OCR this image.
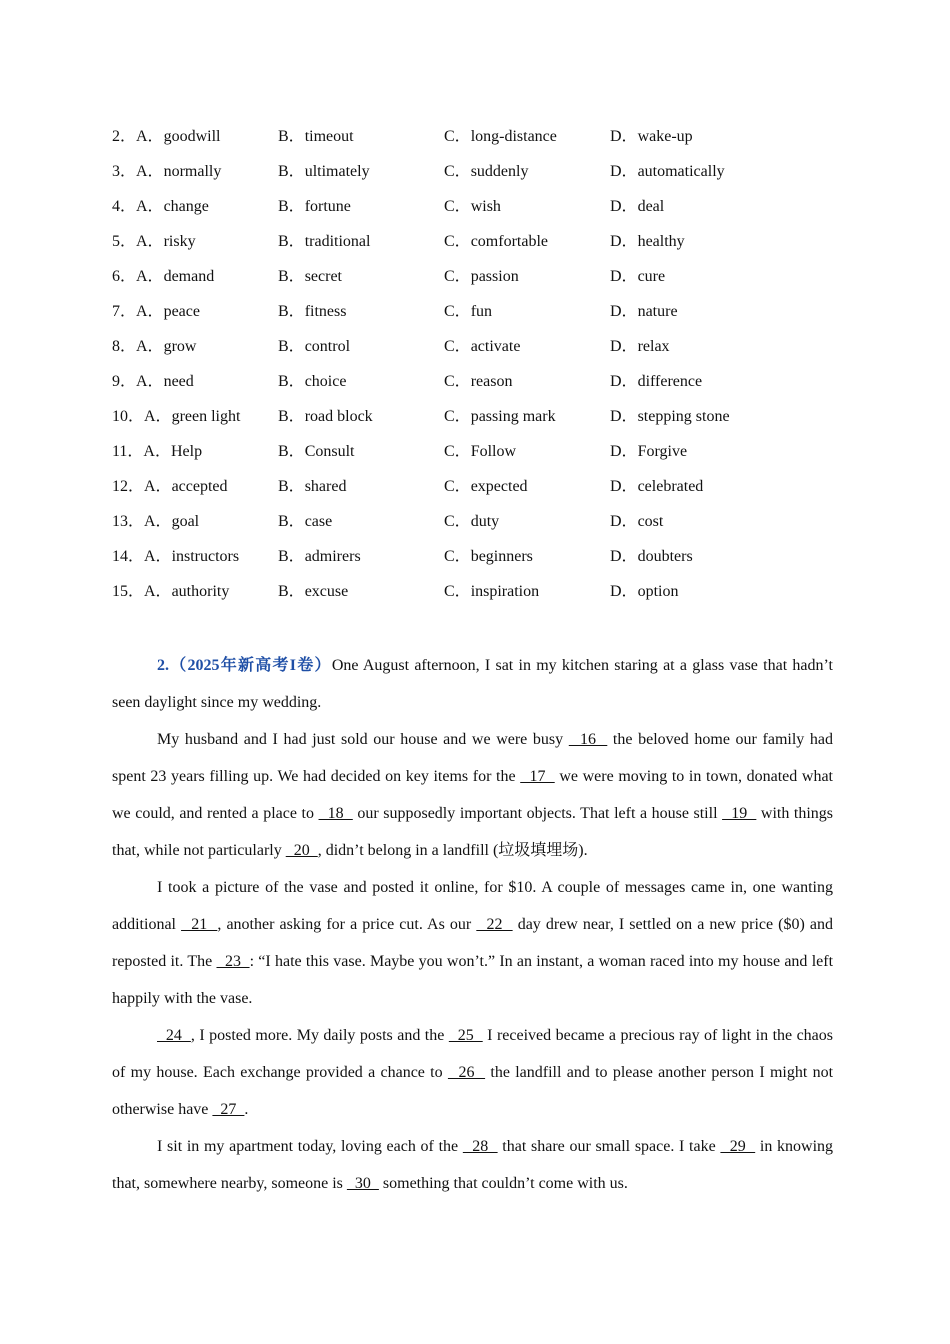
2．A．goodwill	B．timeout	C．long-distance	D．wake-up
3．A．normally	B．ultimately	C．suddenly	D．automatically
4．A．change	B．fortune	C．wish	D．deal
5．A．risky	B．traditional	C．comfortable	D．healthy
6．A．demand	B．secret	C．passion	D．cure
7．A．peace	B．fitness	C．fun	D．nature
8．A．grow	B．control	C．activate	D．relax
9．A．need	B．choice	C．reason	D．difference
10．A．green light B．road block	C．passing mark	D．stepping stone
11．A．Help	B．Consult	C．Follow	D．Forgive
12．A．accepted	B．shared	C．expected	D．celebrated
13．A．goal	B．case	C．duty	D．cost
14．A．instructors B．admirers	C．beginners	D．doubters
15．A．authority	B．excuse	C．inspiration	D．option

2.（2025年新高考I卷）One August afternoon, I sat in my kitchen staring at a glass vase that hadn’t seen daylight since my wedding.

My husband and I had just sold our house and we were busy   16   the beloved home our family had spent 23 years filling up. We had decided on key items for the   17   we were moving to in town, donated what we could, and rented a place to   18   our supposedly important objects. That left a house still   19   with things that, while not particularly   20  , didn’t belong in a landfill (垃圾填埋场).

I took a picture of the vase and posted it online, for $10. A couple of messages came in, one wanting additional   21  , another asking for a price cut. As our   22   day drew near, I settled on a new price ($0) and reposted it. The   23  : “I hate this vase. Maybe you won’t.” In an instant, a woman raced into my house and left happily with the vase.

24  , I posted more. My daily posts and the   25   I received became a precious ray of light in the chaos of my house. Each exchange provided a chance to   26   the landfill and to please another person I might not otherwise have   27  .

I sit in my apartment today, loving each of the   28   that share our small space. I take   29   in knowing that, somewhere nearby, someone is   30   something that couldn’t come with us.
